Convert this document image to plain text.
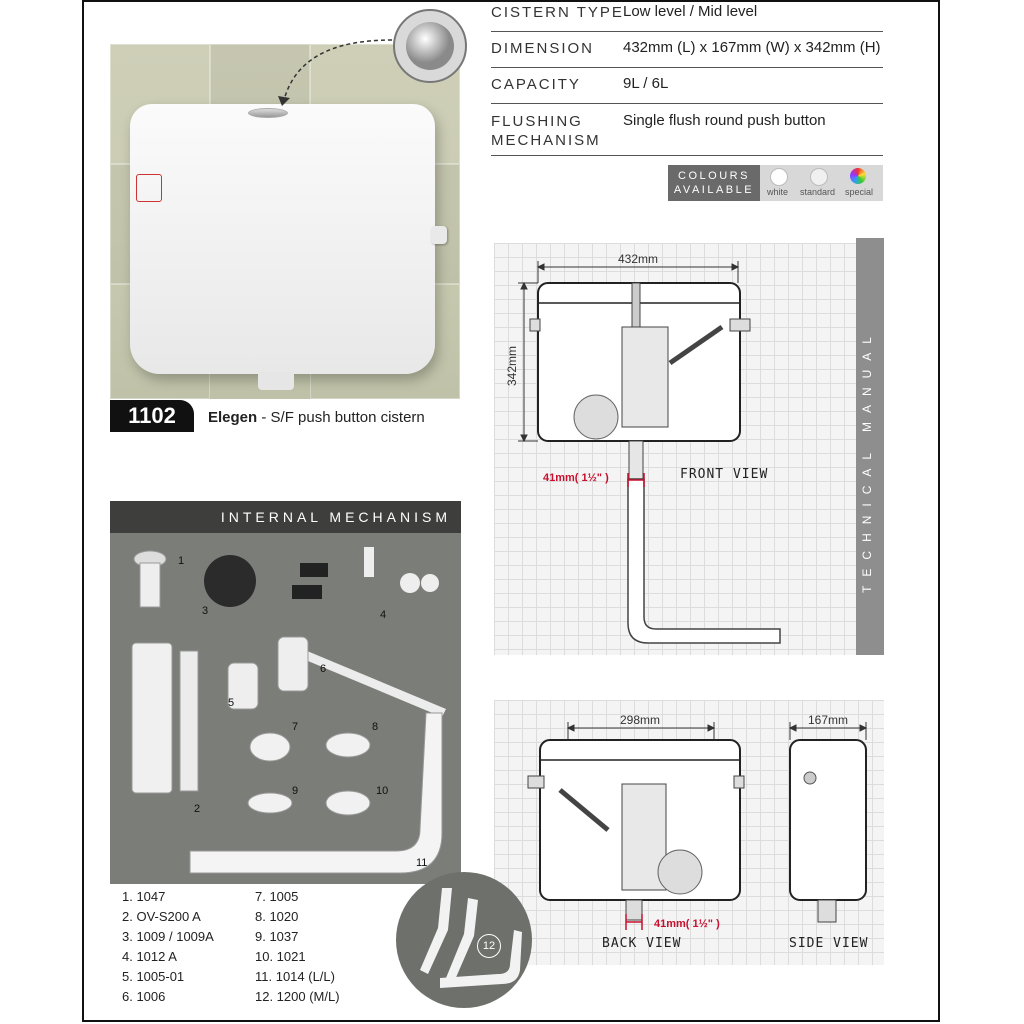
1102	Elegen - S/F push button cistern
CISTERN TYPE Low level / Mid level
DIMENSION 432mm (L) x 167mm (W) x 342mm (H)
CAPACITY	9L / 6L
FLUSHING
MECHANISM
Single flush round push button
COLOURS
AVAILABLE	white standard special
TECHNICAL MANUAL
432mm
342mm
41mm( 1½" )	FRONT VIEW
298mm	167mm
41mm( 1½" )
BACK VIEW	SIDE VIEW
INTERNAL MECHANISM
1
2
3	4
5
6
7	8
9	10
11
12
1. 1047
2. OV-S200 A
3. 1009 / 1009A
4. 1012 A
5. 1005-01
6. 1006
7. 1005
8. 1020
9. 1037
10. 1021
11. 1014 (L/L)
12. 1200 (M/L)
